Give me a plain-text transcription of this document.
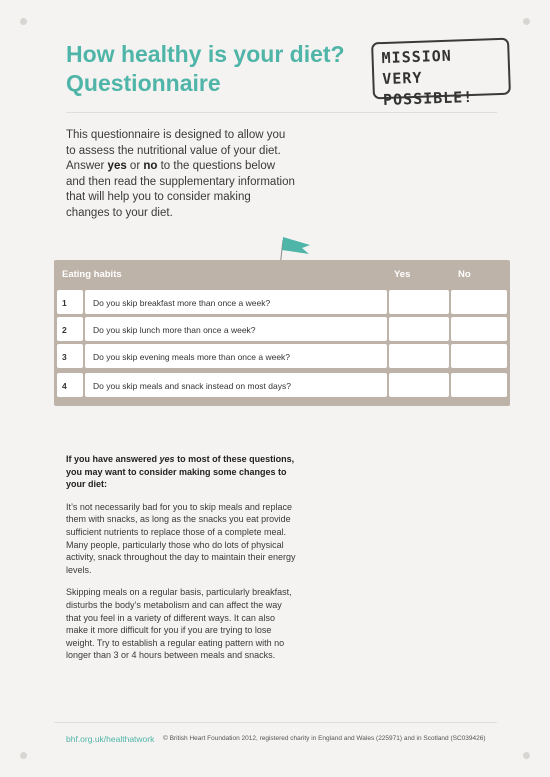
How healthy is your diet?
Questionnaire
MISSION VERY
POSSIBLE!
This questionnaire is designed to allow you to assess the nutritional value of your diet. Answer yes or no to the questions below and then read the supplementary information that will help you to consider making changes to your diet.
Eating habits	Yes	No
1	Do you skip breakfast more than once a week?
2	Do you skip lunch more than once a week?
3	Do you skip evening meals more than once a week?
4	Do you skip meals and snack instead on most days?

If you have answered yes to most of these questions, you may want to consider making some changes to your diet:

It’s not necessarily bad for you to skip meals and replace them with snacks, as long as the snacks you eat provide sufficient nutrients to replace those of a complete meal. Many people, particularly those who do lots of physical activity, snack throughout the day to maintain their energy levels.

Skipping meals on a regular basis, particularly breakfast, disturbs the body’s metabolism and can affect the way that you feel in a variety of different ways. It can also make it more difficult for you if you are trying to lose weight. Try to establish a regular eating pattern with no longer than 3 or 4 hours between meals and snacks.

bhf.org.uk/healthatwork © British Heart Foundation 2012, registered charity in England and Wales (225971) and in Scotland (SC039426)
